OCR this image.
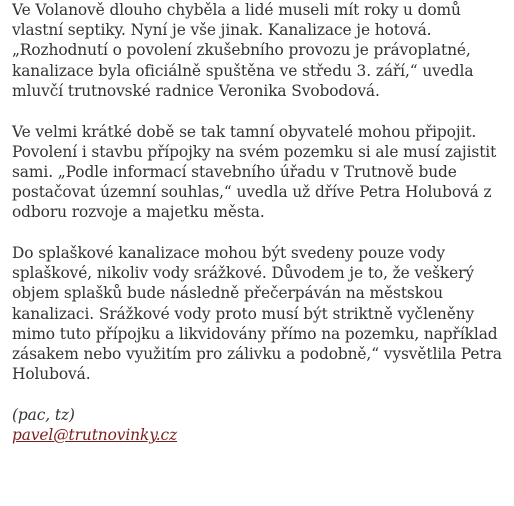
Ve Volanově dlouho chyběla a lidé museli mít roky u domů vlastní septiky. Nyní je vše jinak. Kanalizace je hotová. „Rozhodnutí o povolení zkušebního provozu je právoplatné, kanalizace byla oficiálně spuštěna ve středu 3. září,“ uvedla mluvčí trutnovské radnice Veronika Svobodová.

Ve velmi krátké době se tak tamní obyvatelé mohou připojit. Povolení i stavbu přípojky na svém pozemku si ale musí zajistit sami. „Podle informací stavebního úřadu v Trutnově bude postačovat územní souhlas,“ uvedla už dříve Petra Holubová z odboru rozvoje a majetku města.

Do splaškové kanalizace mohou být svedeny pouze vody splaškové, nikoliv vody srážkové. Důvodem je to, že veškerý objem splašků bude následně přečerpáván na městskou kanalizaci. Srážkové vody proto musí být striktně vyčleněny mimo tuto přípojku a likvidovány přímo na pozemku, například zásakem nebo využitím pro zálivku a podobně,“ vysvětlila Petra Holubová.

(pac, tz)
pavel@trutnovinky.cz
